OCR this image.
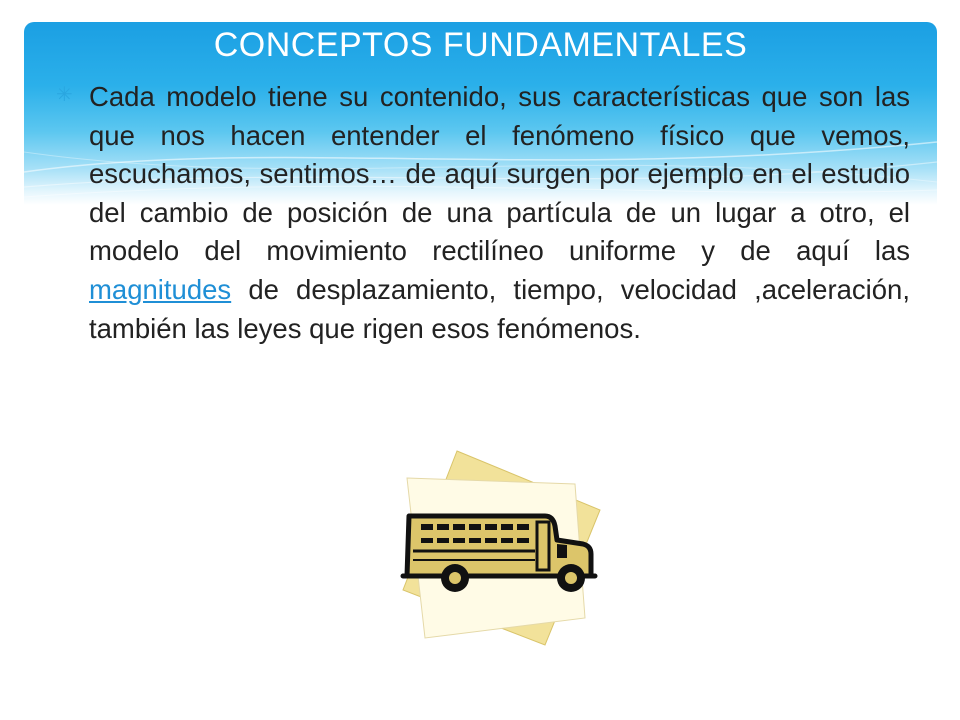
CONCEPTOS FUNDAMENTALES
✳ Cada modelo tiene su contenido, sus características que son las que nos hacen entender el fenómeno físico que vemos, escuchamos, sentimos… de aquí surgen por ejemplo en el estudio del cambio de posición de una partícula de un lugar a otro, el modelo del movimiento rectilíneo uniforme y de aquí las magnitudes de desplazamiento, tiempo, velocidad ,aceleración, también las leyes que rigen esos fenómenos.
